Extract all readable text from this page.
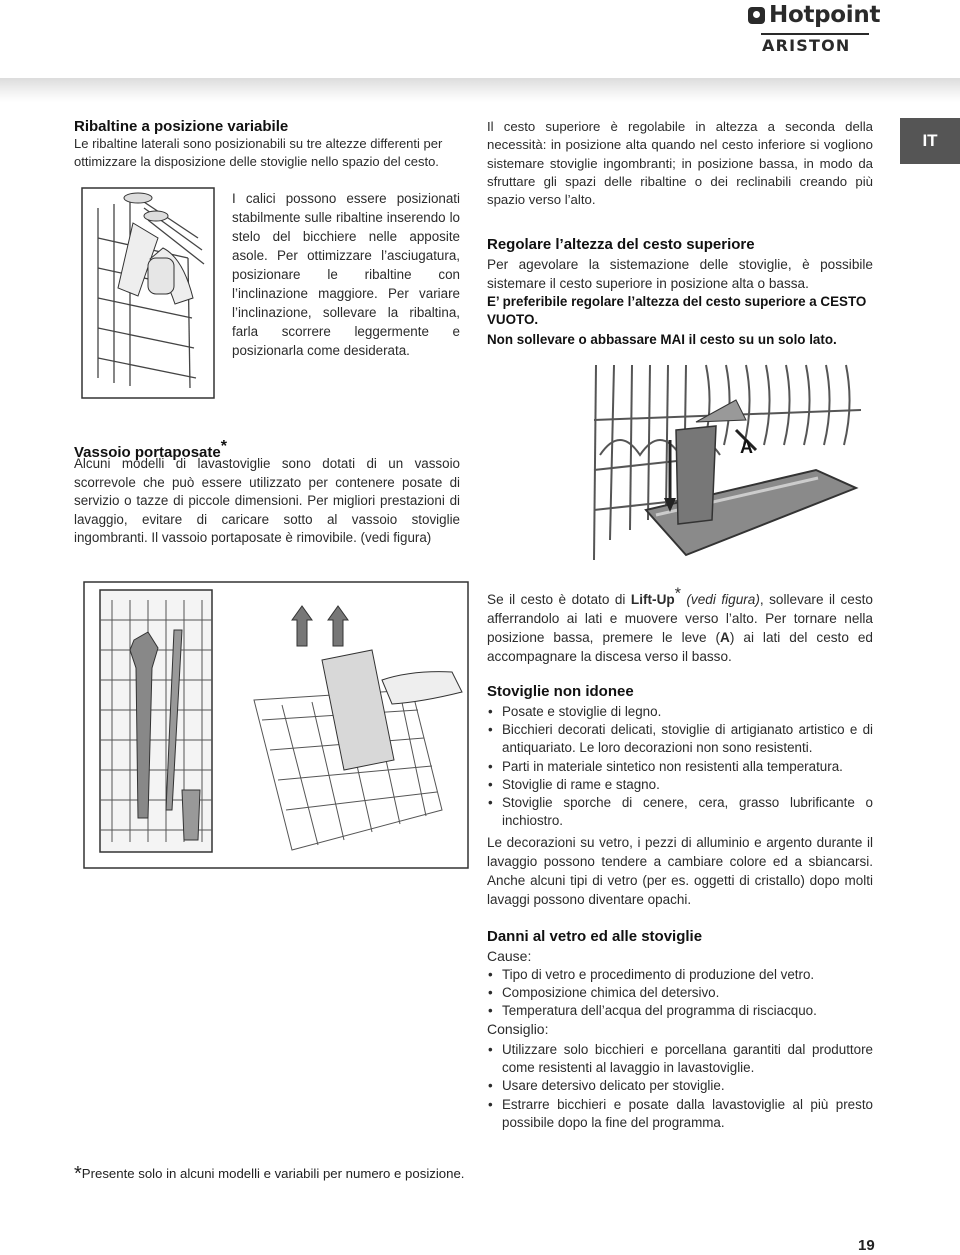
Hotpoint
ARISTON
IT
Ribaltine a posizione variabile
Le ribaltine laterali sono posizionabili su tre altezze differenti per ottimizzare la disposizione delle stoviglie nello spazio del cesto.
I calici possono essere posizionati stabilmente sulle ribaltine inserendo lo stelo del bicchiere nelle apposite asole. Per ottimizzare l’asciugatura, posizionare le ribaltine con l’inclinazione maggiore. Per variare l’inclinazione, sollevare la ribaltina, farla scorrere leggermente e posizionarla come desiderata.
Vassoio portaposate*
Alcuni modelli di lavastoviglie sono dotati di un vassoio scorrevole che può essere utilizzato per contenere posate di servizio o tazze di piccole dimensioni. Per migliori prestazioni di lavaggio, evitare di caricare sotto al vassoio stoviglie ingombranti. Il vassoio portaposate è rimovibile. (vedi figura)
Il cesto superiore è regolabile in altezza a seconda della necessità: in posizione alta quando nel cesto inferiore si vogliono sistemare stoviglie ingombranti; in posizione bassa, in modo da sfruttare gli spazi delle ribaltine o dei reclinabili creando più spazio verso l’alto.
Regolare l’altezza del cesto superiore
Per agevolare la sistemazione delle stoviglie, è possibile sistemare il cesto superiore in posizione alta o bassa.
E’ preferibile regolare l’altezza del cesto superiore a CESTO VUOTO.
Non sollevare o abbassare MAI il cesto su un solo lato.
A
Se il cesto è dotato di Lift-Up* (vedi figura), sollevare il cesto afferrandolo ai lati e muovere verso l’alto. Per tornare nella posizione bassa, premere le leve (A) ai lati del cesto ed accompagnare la discesa verso il basso.
Stoviglie non idonee
• Posate e stoviglie di legno.
• Bicchieri decorati delicati, stoviglie di artigianato artistico e di antiquariato. Le loro decorazioni non sono resistenti.
• Parti in materiale sintetico non resistenti alla temperatura.
• Stoviglie di rame e stagno.
• Stoviglie sporche di cenere, cera, grasso lubrificante o inchiostro.
Le decorazioni su vetro, i pezzi di alluminio e argento durante il lavaggio possono tendere a cambiare colore ed a sbiancarsi. Anche alcuni tipi di vetro (per es. oggetti di cristallo) dopo molti lavaggi possono diventare opachi.
Danni al vetro ed alle stoviglie
Cause:
• Tipo di vetro e procedimento di produzione del vetro.
• Composizione chimica del detersivo.
• Temperatura dell’acqua del programma di risciacquo.
Consiglio:
• Utilizzare solo bicchieri e porcellana garantiti dal produttore come resistenti al lavaggio in lavastoviglie.
• Usare detersivo delicato per stoviglie.
• Estrarre bicchieri e posate dalla lavastoviglie al più presto possibile dopo la fine del programma.
*Presente solo in alcuni modelli e variabili per numero e posizione.
19
